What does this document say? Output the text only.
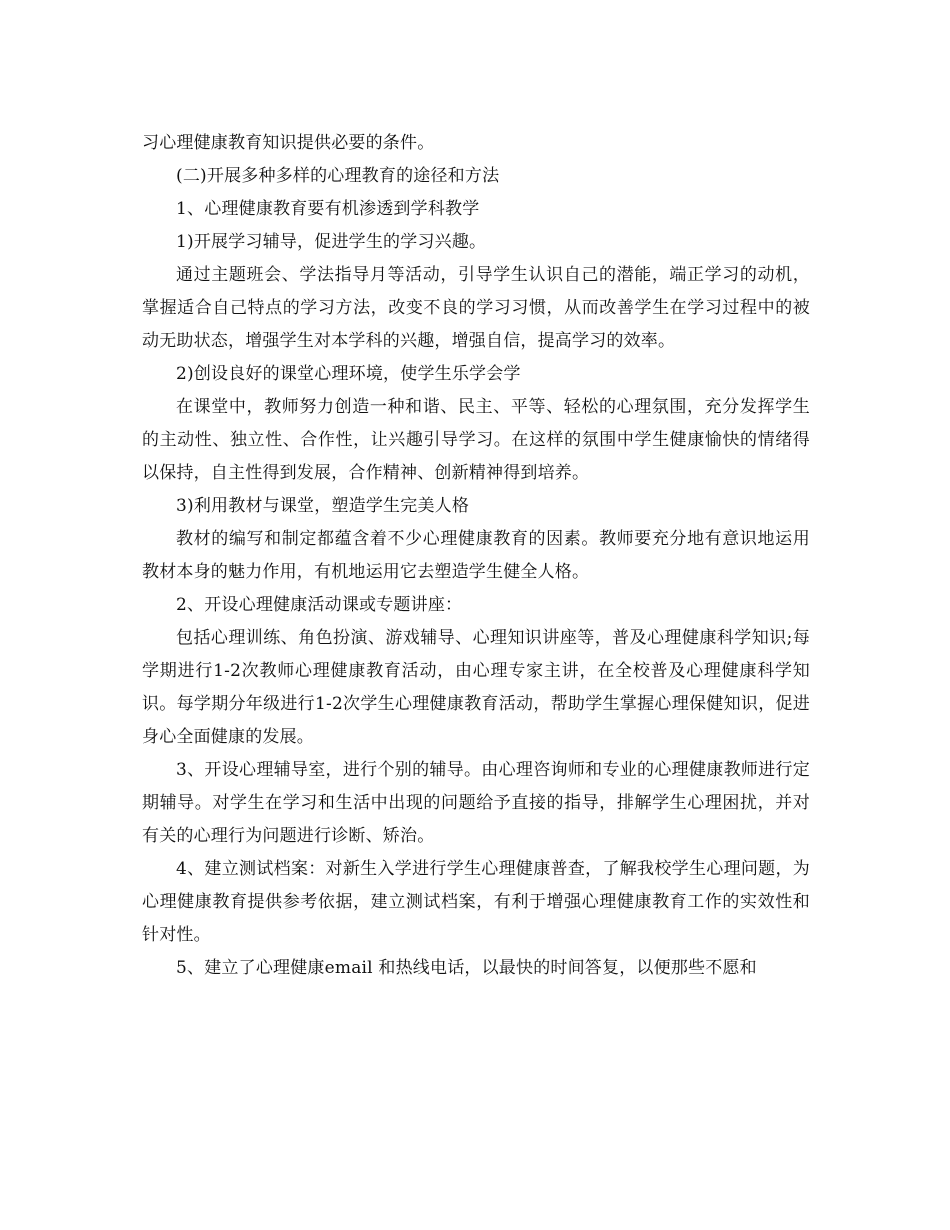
习心理健康教育知识提供必要的条件。

(二)开展多种多样的心理教育的途径和方法

1、心理健康教育要有机渗透到学科教学

1)开展学习辅导，促进学生的学习兴趣。

通过主题班会、学法指导月等活动，引导学生认识自己的潜能，端正学习的动机，掌握适合自己特点的学习方法，改变不良的学习习惯，从而改善学生在学习过程中的被动无助状态，增强学生对本学科的兴趣，增强自信，提高学习的效率。

2)创设良好的课堂心理环境，使学生乐学会学

在课堂中，教师努力创造一种和谐、民主、平等、轻松的心理氛围，充分发挥学生的主动性、独立性、合作性，让兴趣引导学习。在这样的氛围中学生健康愉快的情绪得以保持，自主性得到发展，合作精神、创新精神得到培养。

3)利用教材与课堂，塑造学生完美人格

教材的编写和制定都蕴含着不少心理健康教育的因素。教师要充分地有意识地运用教材本身的魅力作用，有机地运用它去塑造学生健全人格。

2、开设心理健康活动课或专题讲座：

包括心理训练、角色扮演、游戏辅导、心理知识讲座等，普及心理健康科学知识;每学期进行1-2次教师心理健康教育活动，由心理专家主讲，在全校普及心理健康科学知识。每学期分年级进行1-2次学生心理健康教育活动，帮助学生掌握心理保健知识，促进身心全面健康的发展。

3、开设心理辅导室，进行个别的辅导。由心理咨询师和专业的心理健康教师进行定期辅导。对学生在学习和生活中出现的问题给予直接的指导，排解学生心理困扰，并对有关的心理行为问题进行诊断、矫治。

4、建立测试档案：对新生入学进行学生心理健康普查，了解我校学生心理问题，为心理健康教育提供参考依据，建立测试档案，有利于增强心理健康教育工作的实效性和针对性。

5、建立了心理健康email 和热线电话，以最快的时间答复，以便那些不愿和
